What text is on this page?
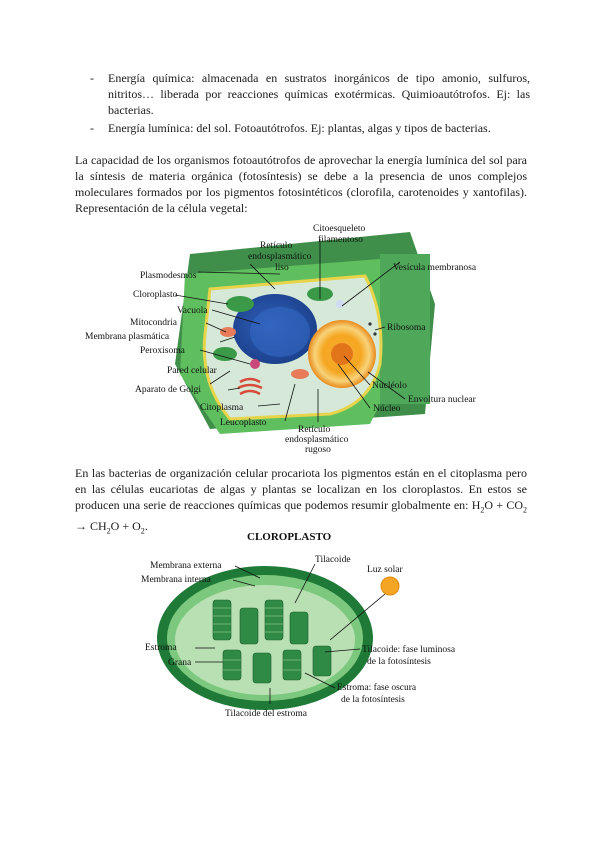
- Energía química: almacenada en sustratos inorgánicos de tipo amonio, sulfuros, nitritos… liberada por reacciones químicas exotérmicas. Quimioautótrofos. Ej: las bacterias.
- Energía lumínica: del sol. Fotoautótrofos. Ej: plantas, algas y tipos de bacterias.

La capacidad de los organismos fotoautótrofos de aprovechar la energía lumínica del sol para la síntesis de materia orgánica (fotosíntesis) se debe a la presencia de unos complejos moleculares formados por los pigmentos fotosintéticos (clorofila, carotenoides y xantofilas). Representación de la célula vegetal:

Retículo
endosplasmático
liso
Citoesqueleto
filamentoso
Vesícula membranosa
Plasmodesmos
Cloroplasto
Vacuola
Mitocondria
Membrana plasmática
Peroxisoma
Ribosoma
Pared celular
Aparato de Golgi	Nucléolo
Envoltura nuclear
Núcleo
Citoplasma
Leucoplasto
Retículo
endosplasmático
rugoso

En las bacterias de organización celular procariota los pigmentos están en el citoplasma pero en las células eucariotas de algas y plantas se localizan en los cloroplastos. En estos se producen una serie de reacciones químicas que podemos resumir globalmente en: $H_2O + CO_2 \to CH_2O + O_2$.

CLOROPLASTO
Membrana externa
Membrana interna
Tilacoide
Luz solar
Estroma
Grana
Tilacoide: fase luminosa
de la fotosíntesis
Estroma: fase oscura
de la fotosíntesis
Tilacoide del estroma
